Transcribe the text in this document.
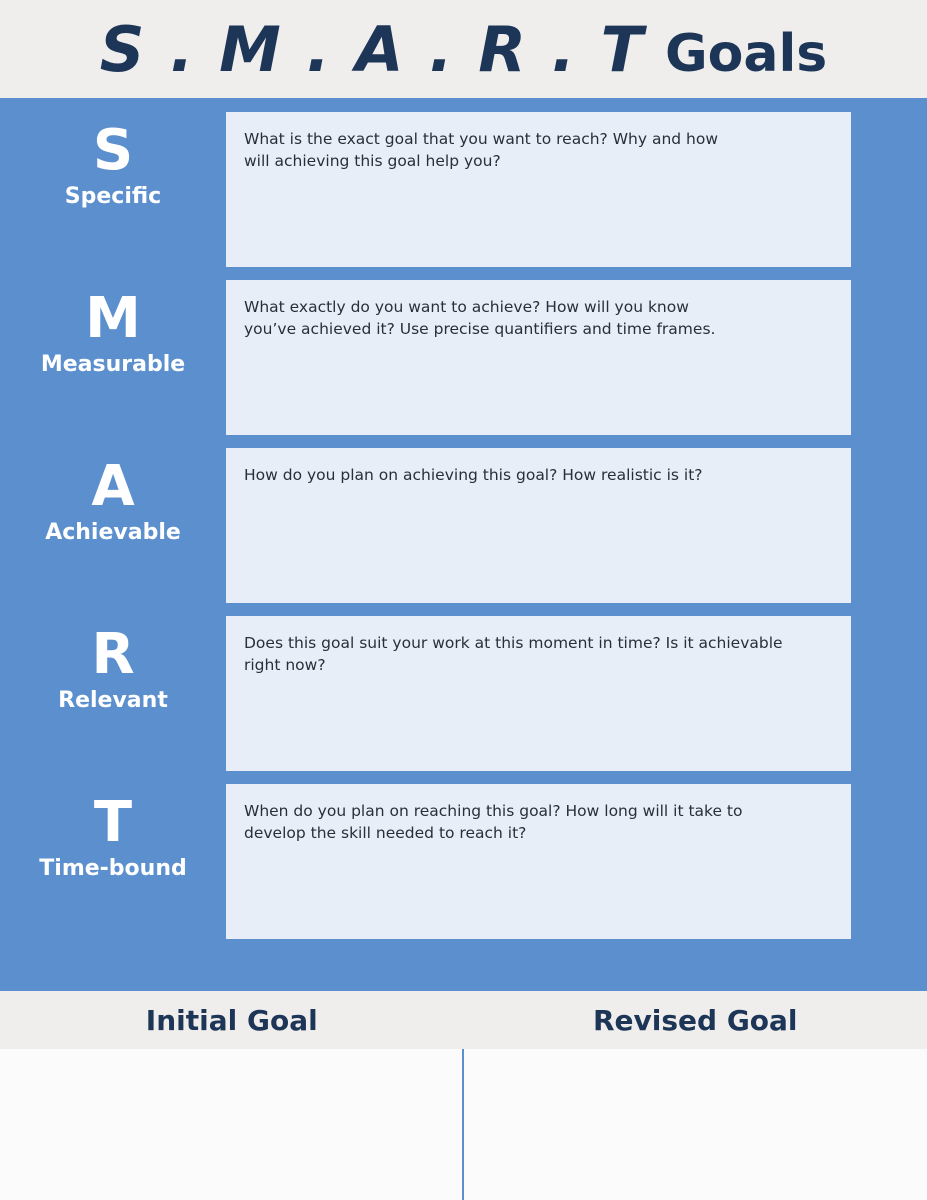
S . M . A . R . T Goals
S
Specific
What is the exact goal that you want to reach? Why and how
will achieving this goal help you?
M
Measurable
What exactly do you want to achieve? How will you know
you’ve achieved it? Use precise quantifiers and time frames.
A
Achievable
How do you plan on achieving this goal? How realistic is it?
R
Relevant
Does this goal suit your work at this moment in time? Is it achievable
right now?
T
Time-bound
When do you plan on reaching this goal? How long will it take to
develop the skill needed to reach it?
Initial Goal	Revised Goal
